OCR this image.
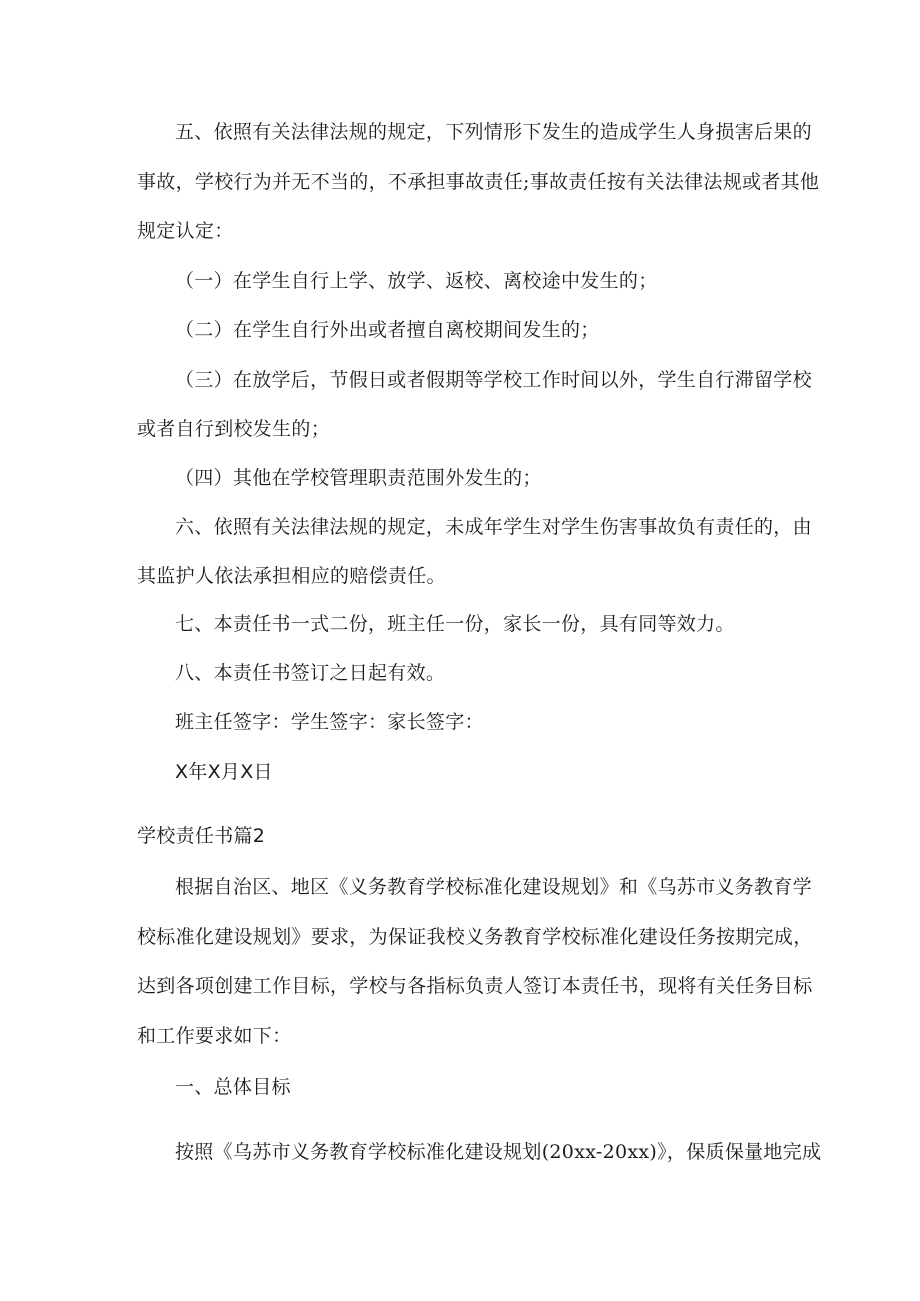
五、依照有关法律法规的规定，下列情形下发生的造成学生人身损害后果的
事故，学校行为并无不当的，不承担事故责任;事故责任按有关法律法规或者其他
规定认定：
（一）在学生自行上学、放学、返校、离校途中发生的；
（二）在学生自行外出或者擅自离校期间发生的；
（三）在放学后，节假日或者假期等学校工作时间以外，学生自行滞留学校
或者自行到校发生的；
（四）其他在学校管理职责范围外发生的；
六、依照有关法律法规的规定，未成年学生对学生伤害事故负有责任的，由
其监护人依法承担相应的赔偿责任。
七、本责任书一式二份，班主任一份，家长一份，具有同等效力。
八、本责任书签订之日起有效。
班主任签字：学生签字：家长签字：
X年X月X日
学校责任书篇2
根据自治区、地区《义务教育学校标准化建设规划》和《乌苏市义务教育学
校标准化建设规划》要求，为保证我校义务教育学校标准化建设任务按期完成，
达到各项创建工作目标，学校与各指标负责人签订本责任书，现将有关任务目标
和工作要求如下：
一、总体目标
按照《乌苏市义务教育学校标准化建设规划(20xx-20xx)》，保质保量地完成
